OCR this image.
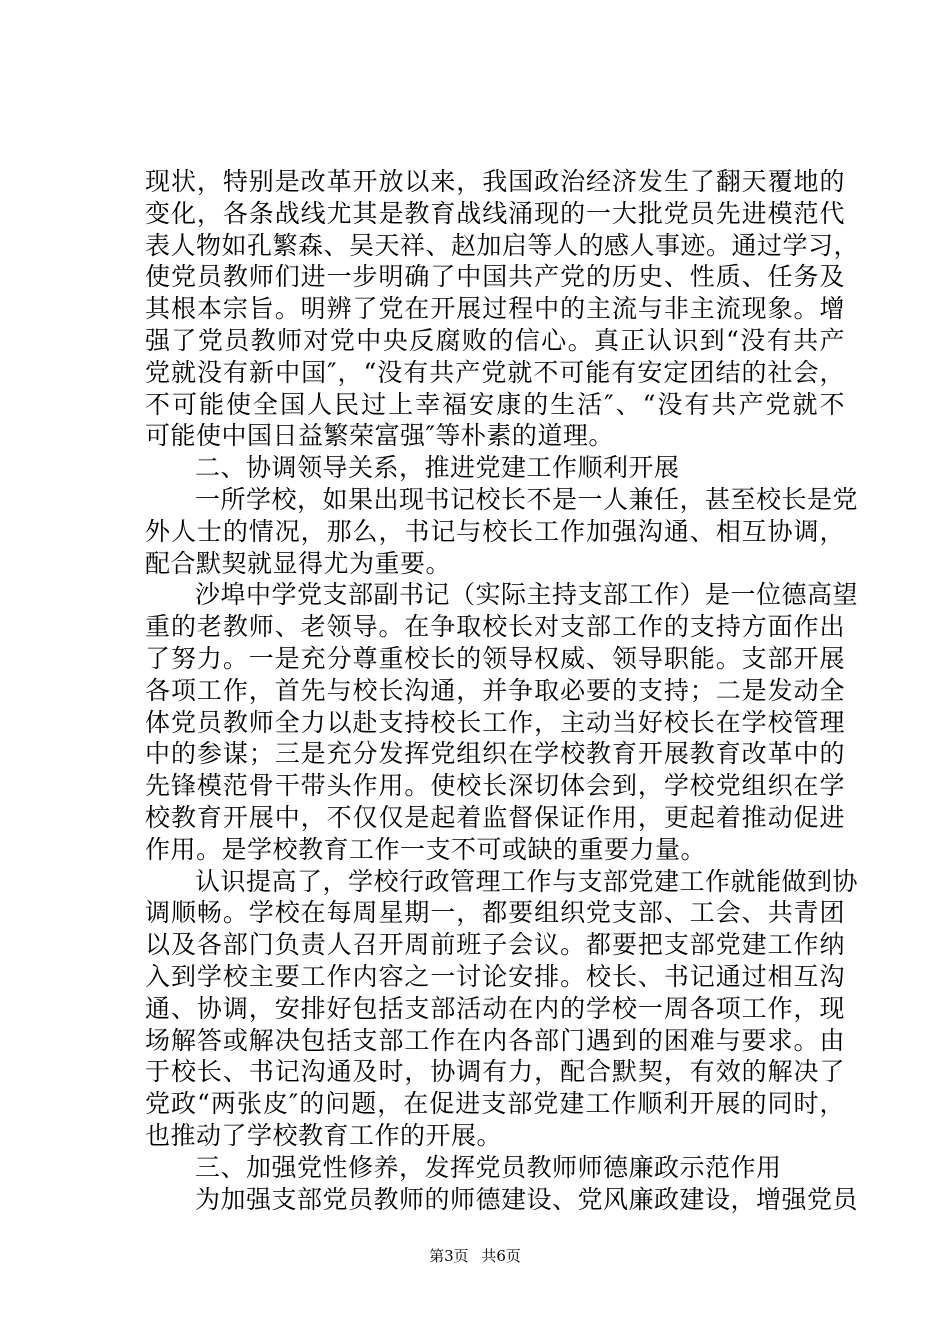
现状，特别是改革开放以来，我国政治经济发生了翻天覆地的
变化，各条战线尤其是教育战线涌现的一大批党员先进模范代
表人物如孔繁森、吴天祥、赵加启等人的感人事迹。通过学习，
使党员教师们进一步明确了中国共产党的历史、性质、任务及
其根本宗旨。明辨了党在开展过程中的主流与非主流现象。增
强了党员教师对党中央反腐败的信心。真正认识到“没有共产
党就没有新中国″，“没有共产党就不可能有安定团结的社会，
不可能使全国人民过上幸福安康的生活″、“没有共产党就不
可能使中国日益繁荣富强″等朴素的道理。
二、协调领导关系，推进党建工作顺利开展
一所学校，如果出现书记校长不是一人兼任，甚至校长是党
外人士的情况，那么，书记与校长工作加强沟通、相互协调，
配合默契就显得尤为重要。
沙埠中学党支部副书记（实际主持支部工作）是一位德高望
重的老教师、老领导。在争取校长对支部工作的支持方面作出
了努力。一是充分尊重校长的领导权威、领导职能。支部开展
各项工作，首先与校长沟通，并争取必要的支持；二是发动全
体党员教师全力以赴支持校长工作，主动当好校长在学校管理
中的参谋；三是充分发挥党组织在学校教育开展教育改革中的
先锋模范骨干带头作用。使校长深切体会到，学校党组织在学
校教育开展中，不仅仅是起着监督保证作用，更起着推动促进
作用。是学校教育工作一支不可或缺的重要力量。
认识提高了，学校行政管理工作与支部党建工作就能做到协
调顺畅。学校在每周星期一，都要组织党支部、工会、共青团
以及各部门负责人召开周前班子会议。都要把支部党建工作纳
入到学校主要工作内容之一讨论安排。校长、书记通过相互沟
通、协调，安排好包括支部活动在内的学校一周各项工作，现
场解答或解决包括支部工作在内各部门遇到的困难与要求。由
于校长、书记沟通及时，协调有力，配合默契，有效的解决了
党政“两张皮″的问题，在促进支部党建工作顺利开展的同时，
也推动了学校教育工作的开展。
三、加强党性修养，发挥党员教师师德廉政示范作用
为加强支部党员教师的师德建设、党风廉政建设，增强党员
第3页 共6页
